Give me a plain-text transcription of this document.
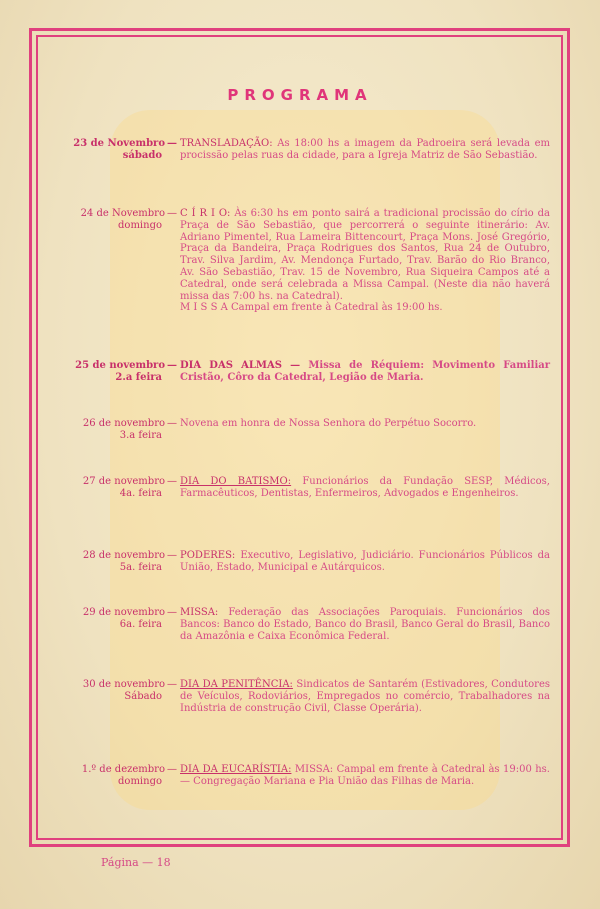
PROGRAMA
23 de Novembro
sábado
— TRANSLADAÇÃO: As 18:00 hs a imagem da Padroeira será levada em procissão pelas ruas da cidade, para a Igreja Matriz de São Sebastião.
24 de Novembro
domingo
— C Í R I O: Às 6:30 hs em ponto sairá a tradicional procissão do círio da Praça de São Sebastião, que percorrerá o seguinte itinerário: Av. Adriano Pimentel, Rua Lameira Bittencourt, Praça Mons. José Gregório, Praça da Bandeira, Praça Rodrigues dos Santos, Rua 24 de Outubro, Trav. Silva Jardim, Av. Mendonça Furtado, Trav. Barão do Rio Branco, Av. São Sebastião, Trav. 15 de Novembro, Rua Siqueira Campos até a Catedral, onde será celebrada a Missa Campal. (Neste dia não haverá missa das 7:00 hs. na Catedral).
M I S S A Campal em frente à Catedral às 19:00 hs.
25 de novembro
2.a feira
— DIA DAS ALMAS — Missa de Réquiem: Movimento Familiar Cristão, Côro da Catedral, Legião de Maria.
26 de novembro
3.a feira
— Novena em honra de Nossa Senhora do Perpétuo Socorro.
27 de novembro
4a. feira
— DIA DO BATISMO: Funcionários da Fundação SESP, Médicos, Farmacêuticos, Dentistas, Enfermeiros, Advogados e Engenheiros.
28 de novembro
5a. feira
— PODERES: Executivo, Legislativo, Judiciário. Funcionários Públicos da União, Estado, Municipal e Autárquicos.
29 de novembro
6a. feira
— MISSA: Federação das Associações Paroquiais. Funcionários dos Bancos: Banco do Estado, Banco do Brasil, Banco Geral do Brasil, Banco da Amazônia e Caixa Econômica Federal.
30 de novembro
Sábado
— DIA DA PENITÊNCIA: Sindicatos de Santarém (Estivadores, Condutores de Veículos, Rodoviários, Empregados no comércio, Trabalhadores na Indústria de construção Civil, Classe Operária).
1.º de dezembro
domingo
— DIA DA EUCARÍSTIA: MISSA: Campal em frente à Catedral às 19:00 hs. — Congregação Mariana e Pia União das Filhas de Maria.
Página — 18
